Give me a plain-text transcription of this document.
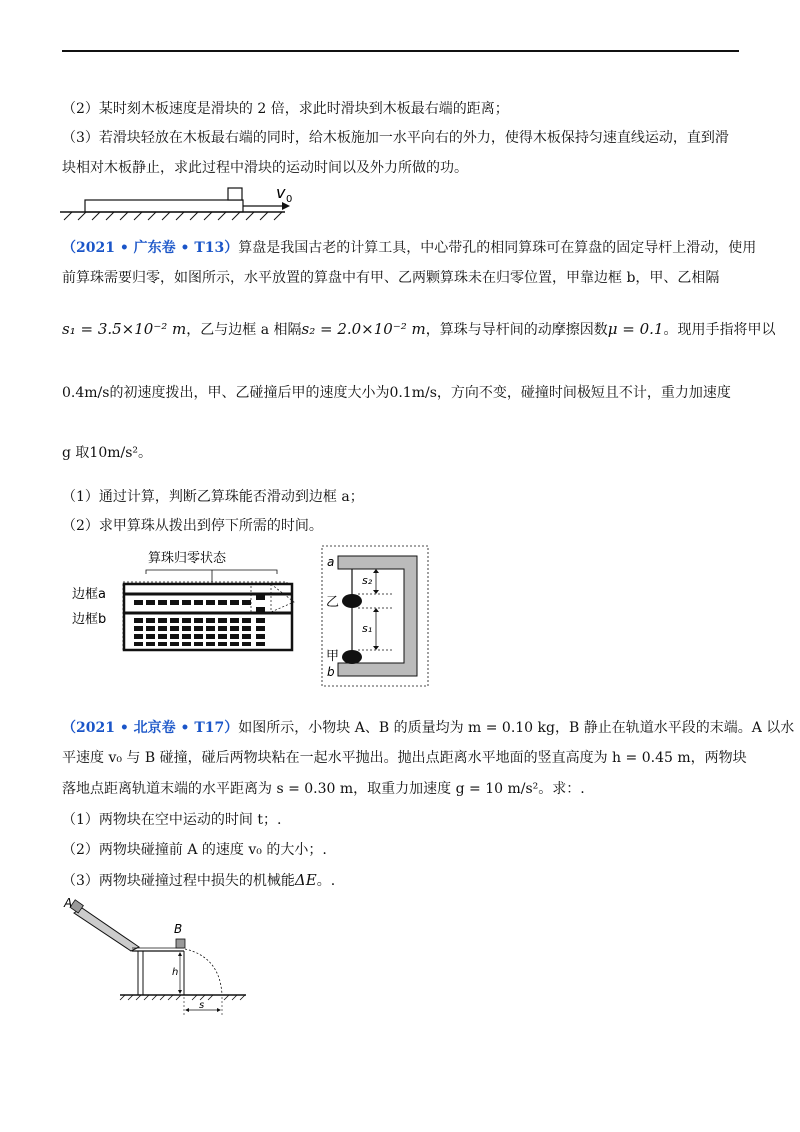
（2）某时刻木板速度是滑块的 2 倍，求此时滑块到木板最右端的距离；
（3）若滑块轻放在木板最右端的同时，给木板施加一水平向右的外力，使得木板保持匀速直线运动，直到滑
块相对木板静止，求此过程中滑块的运动时间以及外力所做的功。
v 0
（2021 • 广东卷 • T13）算盘是我国古老的计算工具，中心带孔的相同算珠可在算盘的固定导杆上滑动，使用
前算珠需要归零，如图所示，水平放置的算盘中有甲、乙两颗算珠未在归零位置，甲靠边框 b，甲、乙相隔
s₁ = 3.5×10⁻² m，乙与边框 a 相隔s₂ = 2.0×10⁻² m，算珠与导杆间的动摩擦因数μ = 0.1。现用手指将甲以
0.4m/s的初速度拨出，甲、乙碰撞后甲的速度大小为0.1m/s，方向不变，碰撞时间极短且不计，重力加速度
g 取10m/s²。
（1）通过计算，判断乙算珠能否滑动到边框 a；
（2）求甲算珠从拨出到停下所需的时间。
算珠归零状态
边框a
边框b
s₂
s₁
a
b
乙
甲
（2021 • 北京卷 • T17）如图所示，小物块 A、B 的质量均为 m = 0.10 kg，B 静止在轨道水平段的末端。A 以水
平速度 v₀ 与 B 碰撞，碰后两物块粘在一起水平抛出。抛出点距离水平地面的竖直高度为 h = 0.45 m，两物块
落地点距离轨道末端的水平距离为 s = 0.30 m，取重力加速度 g = 10 m/s²。求：.
（1）两物块在空中运动的时间 t；.
（2）两物块碰撞前 A 的速度 v₀ 的大小；.
（3）两物块碰撞过程中损失的机械能ΔE。.
A
B
h
s
